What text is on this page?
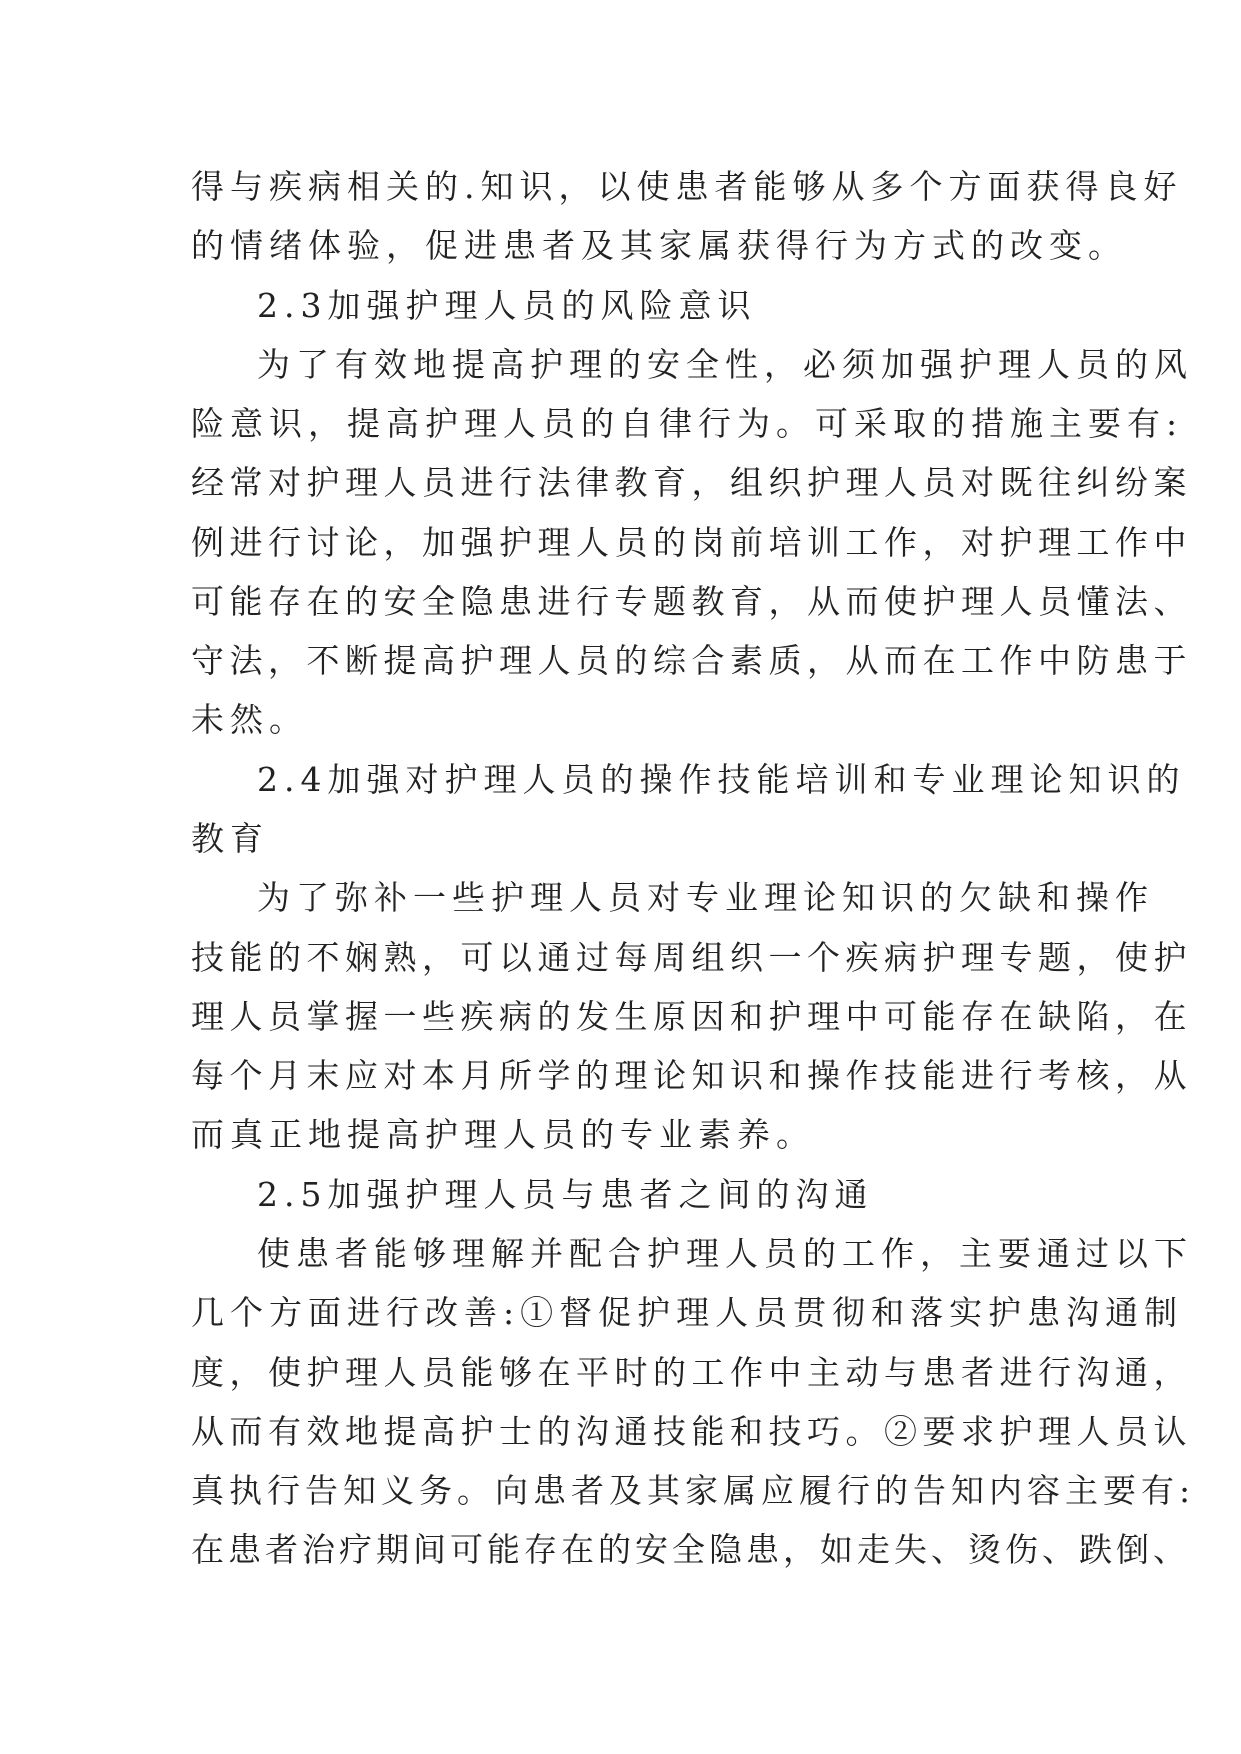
得与疾病相关的.知识，以使患者能够从多个方面获得良好
的情绪体验，促进患者及其家属获得行为方式的改变。
2.3加强护理人员的风险意识
为了有效地提高护理的安全性，必须加强护理人员的风
险意识，提高护理人员的自律行为。可采取的措施主要有:
经常对护理人员进行法律教育，组织护理人员对既往纠纷案
例进行讨论，加强护理人员的岗前培训工作，对护理工作中
可能存在的安全隐患进行专题教育，从而使护理人员懂法、
守法，不断提高护理人员的综合素质，从而在工作中防患于
未然。
2.4加强对护理人员的操作技能培训和专业理论知识的
教育
为了弥补一些护理人员对专业理论知识的欠缺和操作
技能的不娴熟，可以通过每周组织一个疾病护理专题，使护
理人员掌握一些疾病的发生原因和护理中可能存在缺陷，在
每个月末应对本月所学的理论知识和操作技能进行考核，从
而真正地提高护理人员的专业素养。
2.5加强护理人员与患者之间的沟通
使患者能够理解并配合护理人员的工作，主要通过以下
几个方面进行改善:①督促护理人员贯彻和落实护患沟通制
度，使护理人员能够在平时的工作中主动与患者进行沟通，
从而有效地提高护士的沟通技能和技巧。②要求护理人员认
真执行告知义务。向患者及其家属应履行的告知内容主要有:
在患者治疗期间可能存在的安全隐患，如走失、烫伤、跌倒、
